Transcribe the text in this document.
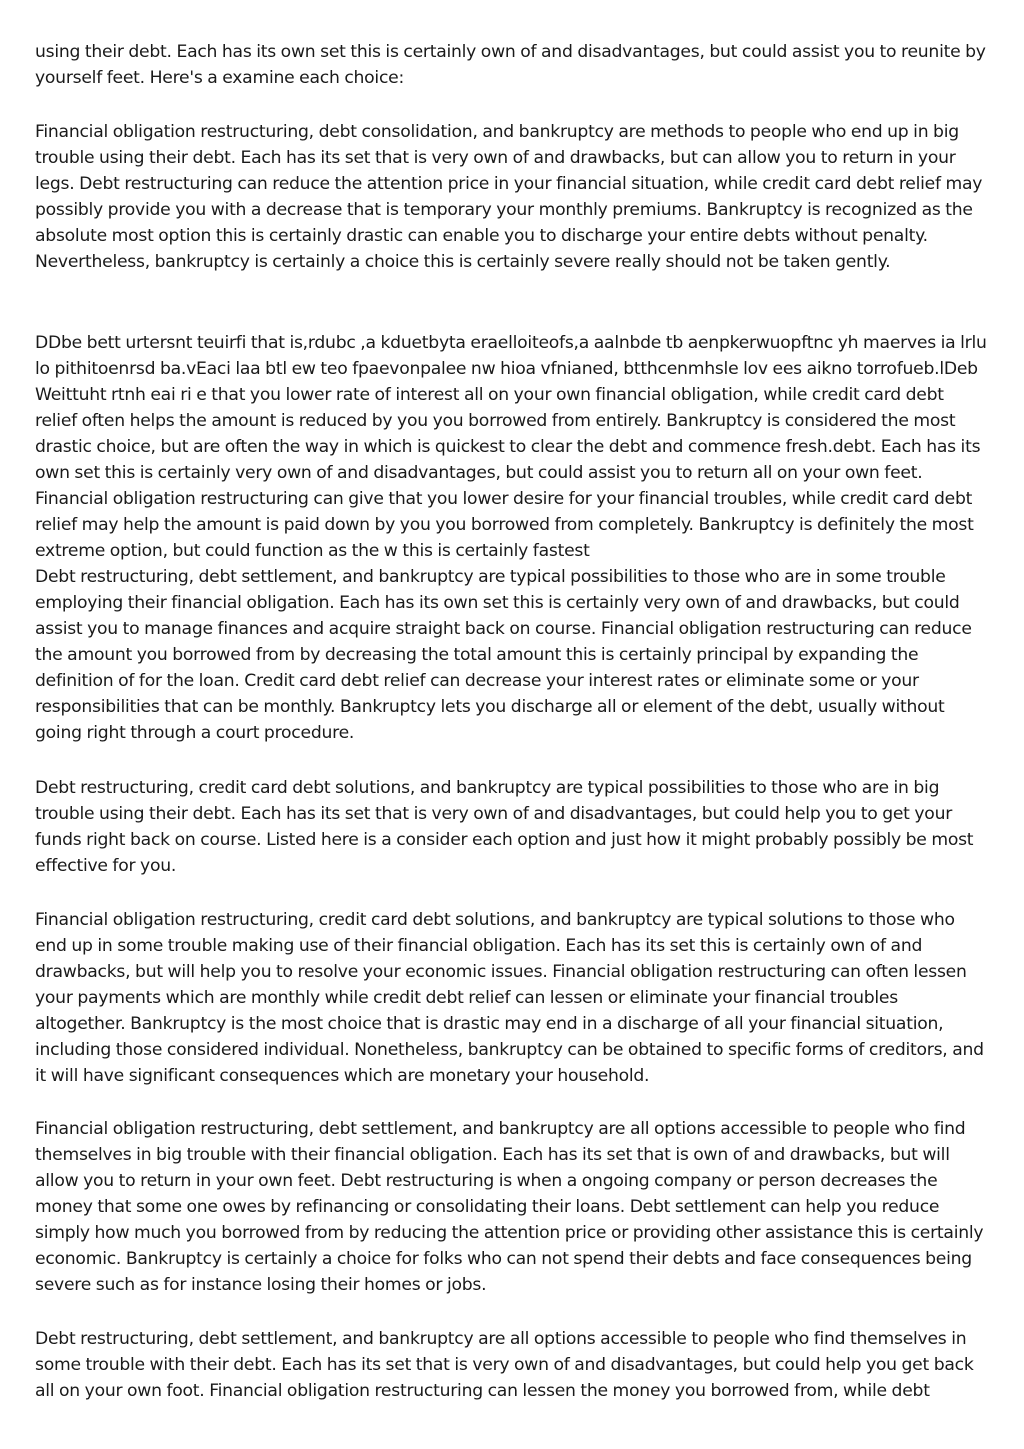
using their debt. Each has its own set this is certainly own of and disadvantages, but could assist you to reunite by
yourself feet. Here's a examine each choice:

Financial obligation restructuring, debt consolidation, and bankruptcy are methods to people who end up in big
trouble using their debt. Each has its set that is very own of and drawbacks, but can allow you to return in your
legs. Debt restructuring can reduce the attention price in your financial situation, while credit card debt relief may
possibly provide you with a decrease that is temporary your monthly premiums. Bankruptcy is recognized as the
absolute most option this is certainly drastic can enable you to discharge your entire debts without penalty.
Nevertheless, bankruptcy is certainly a choice this is certainly severe really should not be taken gently.

DDbe bett urtersnt teuirfi that is,rdubc ,a kduetbyta eraelloiteofs,a aalnbde tb aenpkerwuopftnc yh maerves ia lrlu
lo pithitoenrsd ba.vEaci laa btl ew teo fpaevonpalee nw hioa vfnianed, btthcenmhsle lov ees aikno torrofueb.lDeb
Weittuht rtnh eai ri e that you lower rate of interest all on your own financial obligation, while credit card debt
relief often helps the amount is reduced by you you borrowed from entirely. Bankruptcy is considered the most
drastic choice, but are often the way in which is quickest to clear the debt and commence fresh.debt. Each has its
own set this is certainly very own of and disadvantages, but could assist you to return all on your own feet.
Financial obligation restructuring can give that you lower desire for your financial troubles, while credit card debt
relief may help the amount is paid down by you you borrowed from completely. Bankruptcy is definitely the most
extreme option, but could function as the w this is certainly fastest

Debt restructuring, debt settlement, and bankruptcy are typical possibilities to those who are in some trouble
employing their financial obligation. Each has its own set this is certainly very own of and drawbacks, but could
assist you to manage finances and acquire straight back on course. Financial obligation restructuring can reduce
the amount you borrowed from by decreasing the total amount this is certainly principal by expanding the
definition of for the loan. Credit card debt relief can decrease your interest rates or eliminate some or your
responsibilities that can be monthly. Bankruptcy lets you discharge all or element of the debt, usually without
going right through a court procedure.

Debt restructuring, credit card debt solutions, and bankruptcy are typical possibilities to those who are in big
trouble using their debt. Each has its set that is very own of and disadvantages, but could help you to get your
funds right back on course. Listed here is a consider each option and just how it might probably possibly be most
effective for you.

Financial obligation restructuring, credit card debt solutions, and bankruptcy are typical solutions to those who
end up in some trouble making use of their financial obligation. Each has its set this is certainly own of and
drawbacks, but will help you to resolve your economic issues. Financial obligation restructuring can often lessen
your payments which are monthly while credit debt relief can lessen or eliminate your financial troubles
altogether. Bankruptcy is the most choice that is drastic may end in a discharge of all your financial situation,
including those considered individual. Nonetheless, bankruptcy can be obtained to specific forms of creditors, and
it will have significant consequences which are monetary your household.

Financial obligation restructuring, debt settlement, and bankruptcy are all options accessible to people who find
themselves in big trouble with their financial obligation. Each has its set that is own of and drawbacks, but will
allow you to return in your own feet. Debt restructuring is when a ongoing company or person decreases the
money that some one owes by refinancing or consolidating their loans. Debt settlement can help you reduce
simply how much you borrowed from by reducing the attention price or providing other assistance this is certainly
economic. Bankruptcy is certainly a choice for folks who can not spend their debts and face consequences being
severe such as for instance losing their homes or jobs.

Debt restructuring, debt settlement, and bankruptcy are all options accessible to people who find themselves in
some trouble with their debt. Each has its set that is very own of and disadvantages, but could help you get back
all on your own foot. Financial obligation restructuring can lessen the money you borrowed from, while debt
